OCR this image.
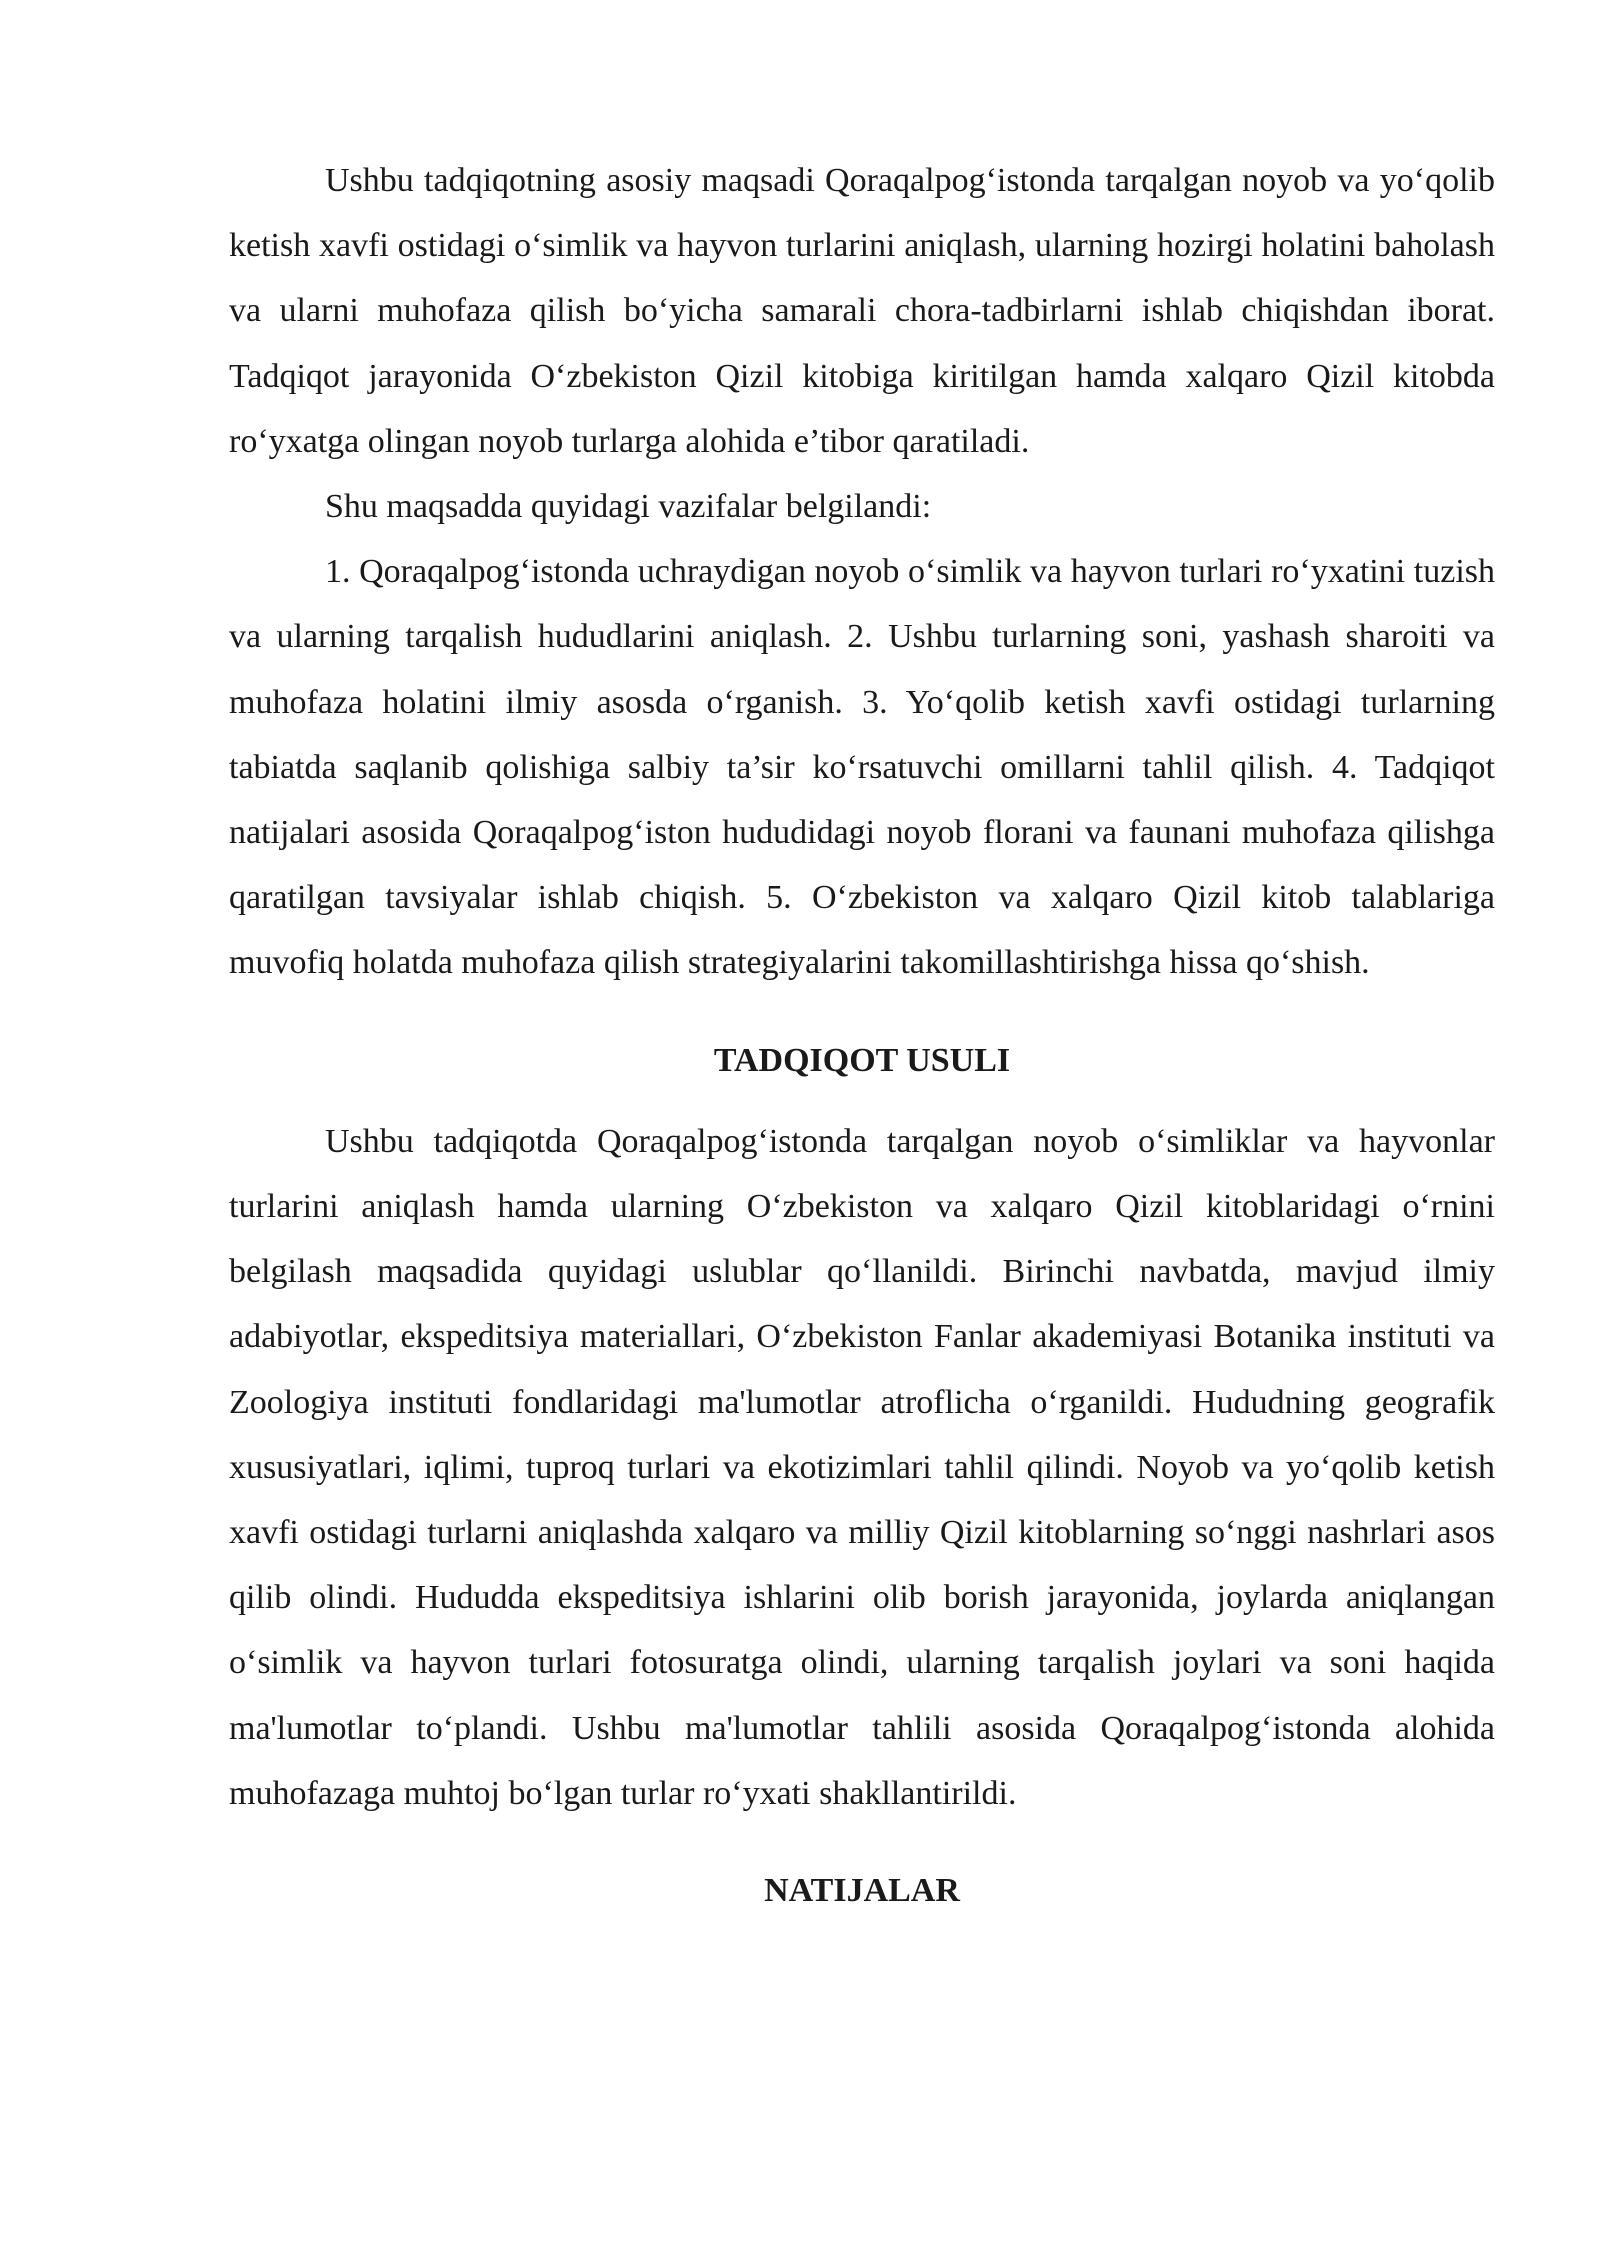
Ushbu tadqiqotning asosiy maqsadi Qoraqalpog‘istonda tarqalgan noyob va yo‘qolib ketish xavfi ostidagi o‘simlik va hayvon turlarini aniqlash, ularning hozirgi holatini baholash va ularni muhofaza qilish bo‘yicha samarali chora-tadbirlarni ishlab chiqishdan iborat. Tadqiqot jarayonida O‘zbekiston Qizil kitobiga kiritilgan hamda xalqaro Qizil kitobda ro‘yxatga olingan noyob turlarga alohida e’tibor qaratiladi.

Shu maqsadda quyidagi vazifalar belgilandi:

1. Qoraqalpog‘istonda uchraydigan noyob o‘simlik va hayvon turlari ro‘yxatini tuzish va ularning tarqalish hududlarini aniqlash. 2. Ushbu turlarning soni, yashash sharoiti va muhofaza holatini ilmiy asosda o‘rganish. 3. Yo‘qolib ketish xavfi ostidagi turlarning tabiatda saqlanib qolishiga salbiy ta’sir ko‘rsatuvchi omillarni tahlil qilish. 4. Tadqiqot natijalari asosida Qoraqalpog‘iston hududidagi noyob florani va faunani muhofaza qilishga qaratilgan tavsiyalar ishlab chiqish. 5. O‘zbekiston va xalqaro Qizil kitob talablariga muvofiq holatda muhofaza qilish strategiyalarini takomillashtirishga hissa qo‘shish.

TADQIQOT USULI

Ushbu tadqiqotda Qoraqalpog‘istonda tarqalgan noyob o‘simliklar va hayvonlar turlarini aniqlash hamda ularning O‘zbekiston va xalqaro Qizil kitoblaridagi o‘rnini belgilash maqsadida quyidagi uslublar qo‘llanildi. Birinchi navbatda, mavjud ilmiy adabiyotlar, ekspeditsiya materiallari, O‘zbekiston Fanlar akademiyasi Botanika instituti va Zoologiya instituti fondlaridagi ma'lumotlar atroflicha o‘rganildi. Hududning geografik xususiyatlari, iqlimi, tuproq turlari va ekotizimlari tahlil qilindi. Noyob va yo‘qolib ketish xavfi ostidagi turlarni aniqlashda xalqaro va milliy Qizil kitoblarning so‘nggi nashrlari asos qilib olindi. Hududda ekspeditsiya ishlarini olib borish jarayonida, joylarda aniqlangan o‘simlik va hayvon turlari fotosuratga olindi, ularning tarqalish joylari va soni haqida ma'lumotlar to‘plandi. Ushbu ma'lumotlar tahlili asosida Qoraqalpog‘istonda alohida muhofazaga muhtoj bo‘lgan turlar ro‘yxati shakllantirildi.

NATIJALAR
